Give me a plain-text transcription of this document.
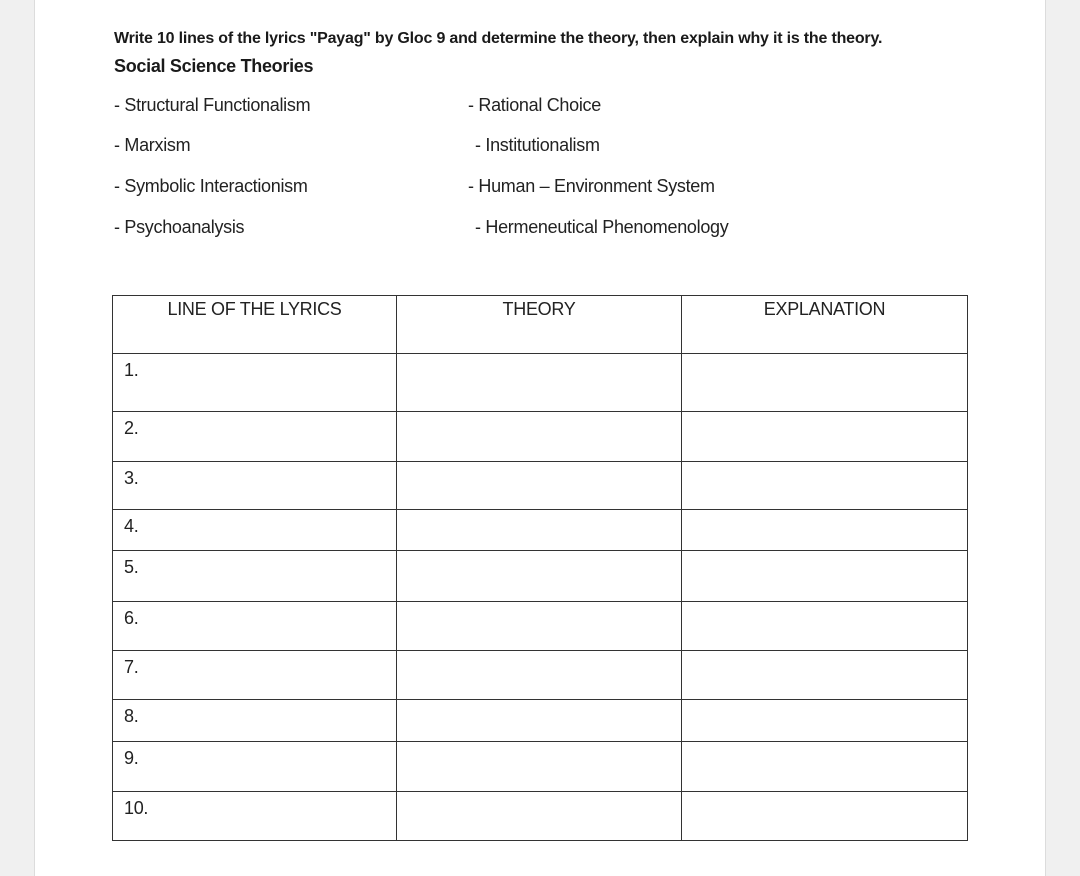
Write 10 lines of the lyrics "Payag" by Gloc 9 and determine the theory, then explain why it is the theory.
Social Science Theories
- Structural Functionalism
- Marxism
- Symbolic Interactionism
- Psychoanalysis
- Rational Choice
- Institutionalism
- Human – Environment System
- Hermeneutical Phenomenology
LINE OF THE LYRICS	THEORY	EXPLANATION
1.		
2.		
3.		
4.		
5.		
6.		
7.		
8.		
9.		
10.		
